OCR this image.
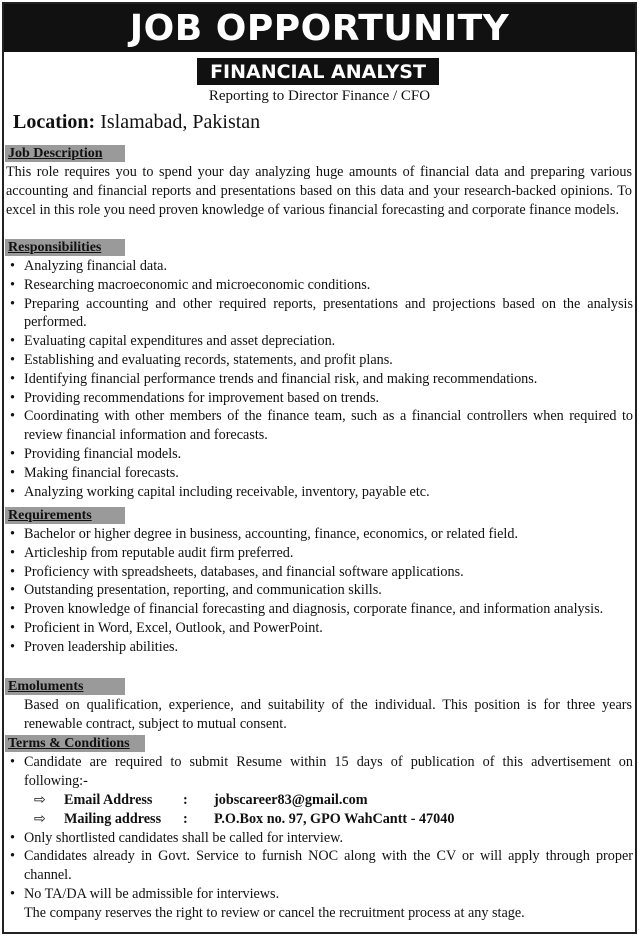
JOB OPPORTUNITY
FINANCIAL ANALYST
Reporting to Director Finance / CFO
Location: Islamabad, Pakistan
Job Description
This role requires you to spend your day analyzing huge amounts of financial data and preparing various accounting and financial reports and presentations based on this data and your research-backed opinions. To excel in this role you need proven knowledge of various financial forecasting and corporate finance models.
Responsibilities
• Analyzing financial data.
• Researching macroeconomic and microeconomic conditions.
• Preparing accounting and other required reports, presentations and projections based on the analysis performed.
• Evaluating capital expenditures and asset depreciation.
• Establishing and evaluating records, statements, and profit plans.
• Identifying financial performance trends and financial risk, and making recommendations.
• Providing recommendations for improvement based on trends.
• Coordinating with other members of the finance team, such as a financial controllers when required to review financial information and forecasts.
• Providing financial models.
• Making financial forecasts.
• Analyzing working capital including receivable, inventory, payable etc.
Requirements
• Bachelor or higher degree in business, accounting, finance, economics, or related field.
• Articleship from reputable audit firm preferred.
• Proficiency with spreadsheets, databases, and financial software applications.
• Outstanding presentation, reporting, and communication skills.
• Proven knowledge of financial forecasting and diagnosis, corporate finance, and information analysis.
• Proficient in Word, Excel, Outlook, and PowerPoint.
• Proven leadership abilities.
Emoluments
Based on qualification, experience, and suitability of the individual. This position is for three years renewable contract, subject to mutual consent.
Terms & Conditions
• Candidate are required to submit Resume within 15 days of publication of this advertisement on following:-
⇨ Email Address : jobscareer83@gmail.com
⇨ Mailing address : P.O.Box no. 97, GPO WahCantt - 47040
• Only shortlisted candidates shall be called for interview.
• Candidates already in Govt. Service to furnish NOC along with the CV or will apply through proper channel.
• No TA/DA will be admissible for interviews.
The company reserves the right to review or cancel the recruitment process at any stage.
